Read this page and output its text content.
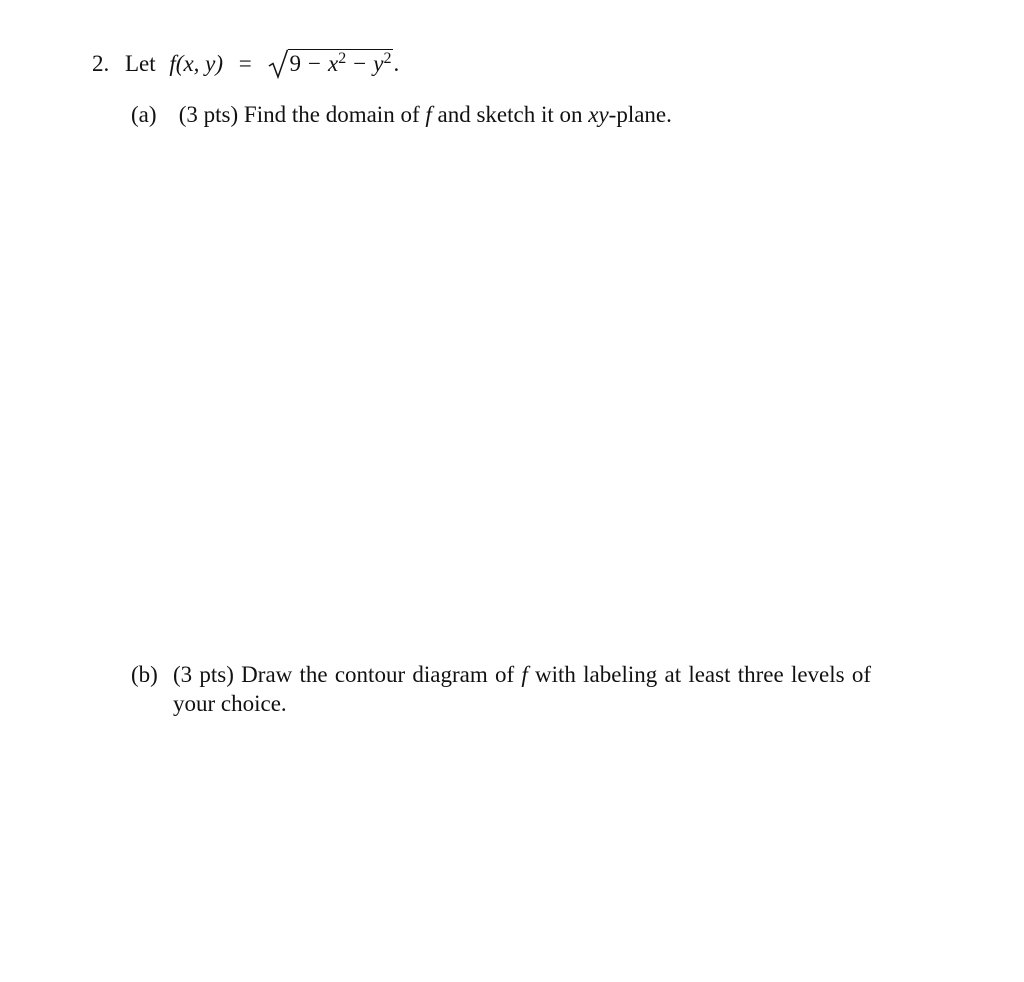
2. Let f(x, $y) = 9 - x^2 - y^2$.
(a) (3 pts) Find the domain of f and sketch it on xy-plane.
(b) (3 pts) Draw the contour diagram of f with labeling at least three levels of your choice.
